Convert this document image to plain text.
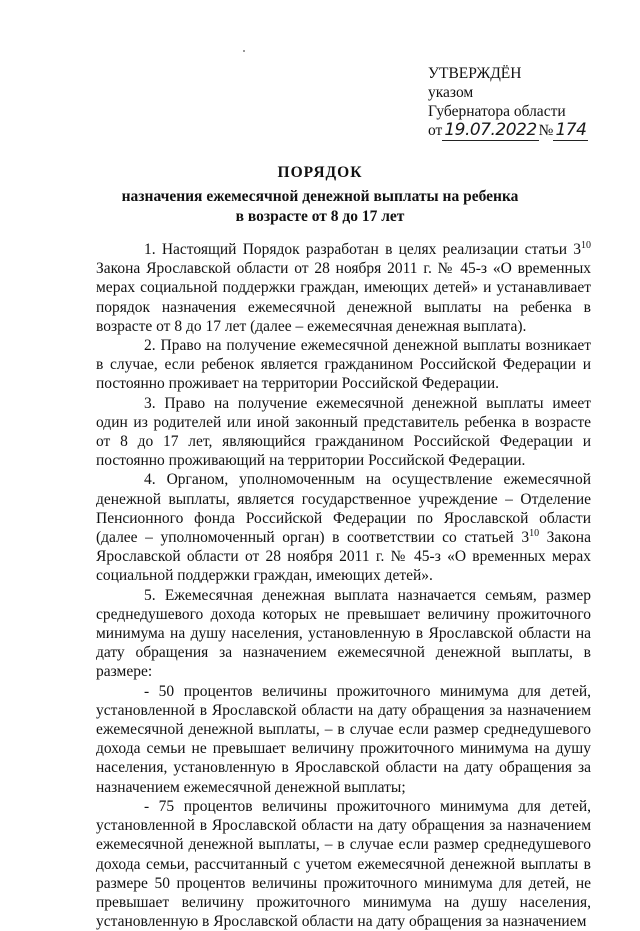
УТВЕРЖДЁН
указом
Губернатора области
от 19.07.2022 № 174
ПОРЯДОК
назначения ежемесячной денежной выплаты на ребенка
в возрасте от 8 до 17 лет

1. Настоящий Порядок разработан в целях реализации статьи $3^{10}$ Закона Ярославской области от 28 ноября 2011 г. № 45-з «О временных мерах социальной поддержки граждан, имеющих детей» и устанавливает порядок назначения ежемесячной денежной выплаты на ребенка в возрасте от 8 до 17 лет (далее – ежемесячная денежная выплата).

2. Право на получение ежемесячной денежной выплаты возникает в случае, если ребенок является гражданином Российской Федерации и постоянно проживает на территории Российской Федерации.

3. Право на получение ежемесячной денежной выплаты имеет один из родителей или иной законный представитель ребенка в возрасте от 8 до 17 лет, являющийся гражданином Российской Федерации и постоянно проживающий на территории Российской Федерации.

4. Органом, уполномоченным на осуществление ежемесячной денежной выплаты, является государственное учреждение – Отделение Пенсионного фонда Российской Федерации по Ярославской области (далее – уполномоченный орган) в соответствии со статьей $3^{10}$ Закона Ярославской области от 28 ноября 2011 г. № 45-з «О временных мерах социальной поддержки граждан, имеющих детей».

5. Ежемесячная денежная выплата назначается семьям, размер среднедушевого дохода которых не превышает величину прожиточного минимума на душу населения, установленную в Ярославской области на дату обращения за назначением ежемесячной денежной выплаты, в размере:

- 50 процентов величины прожиточного минимума для детей, установленной в Ярославской области на дату обращения за назначением ежемесячной денежной выплаты, – в случае если размер среднедушевого дохода семьи не превышает величину прожиточного минимума на душу населения, установленную в Ярославской области на дату обращения за назначением ежемесячной денежной выплаты;

- 75 процентов величины прожиточного минимума для детей, установленной в Ярославской области на дату обращения за назначением ежемесячной денежной выплаты, – в случае если размер среднедушевого дохода семьи, рассчитанный с учетом ежемесячной денежной выплаты в размере 50 процентов величины прожиточного минимума для детей, не превышает величину прожиточного минимума на душу населения, установленную в Ярославской области на дату обращения за назначением
